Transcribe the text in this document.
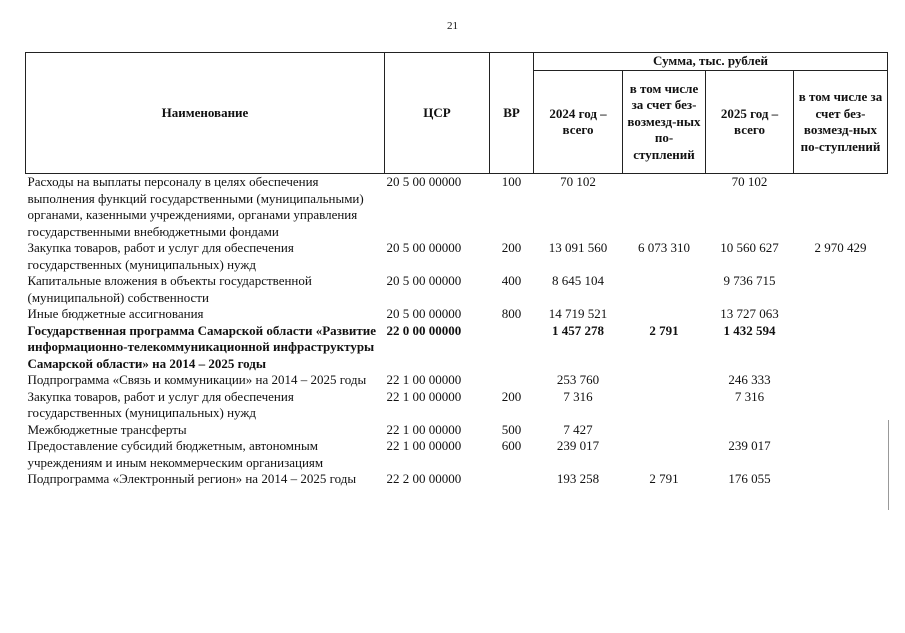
21
Наименование	ЦСР	ВР	Сумма, тыс. рублей			
			2024 год – всего	в том числе за счет без-возмезд-ных по-ступлений	2025 год – всего	в том числе за счет без-возмезд-ных по-ступлений
Расходы на выплаты персоналу в целях обеспечения выполнения функций государственными (муниципальными) органами, казенными учреждениями, органами управления государственными внебюджетными фондами	20 5 00 00000	100	70 102		70 102	
Закупка товаров, работ и услуг для обеспечения государственных (муниципальных) нужд	20 5 00 00000	200	13 091 560	6 073 310	10 560 627	2 970 429
Капитальные вложения в объекты государственной (муниципальной) собственности	20 5 00 00000	400	8 645 104		9 736 715	
Иные бюджетные ассигнования	20 5 00 00000	800	14 719 521		13 727 063	
Государственная программа Самарской области «Развитие информационно-телекоммуникационной инфраструктуры Самарской области» на 2014 – 2025 годы	22 0 00 00000		1 457 278	2 791	1 432 594	
Подпрограмма «Связь и коммуникации» на 2014 – 2025 годы	22 1 00 00000		253 760		246 333	
Закупка товаров, работ и услуг для обеспечения государственных (муниципальных) нужд	22 1 00 00000	200	7 316		7 316	
Межбюджетные трансферты	22 1 00 00000	500	7 427			
Предоставление субсидий бюджетным, автономным учреждениям и иным некоммерческим организациям	22 1 00 00000	600	239 017		239 017	
Подпрограмма «Электронный регион» на 2014 – 2025 годы	22 2 00 00000		193 258	2 791	176 055	
